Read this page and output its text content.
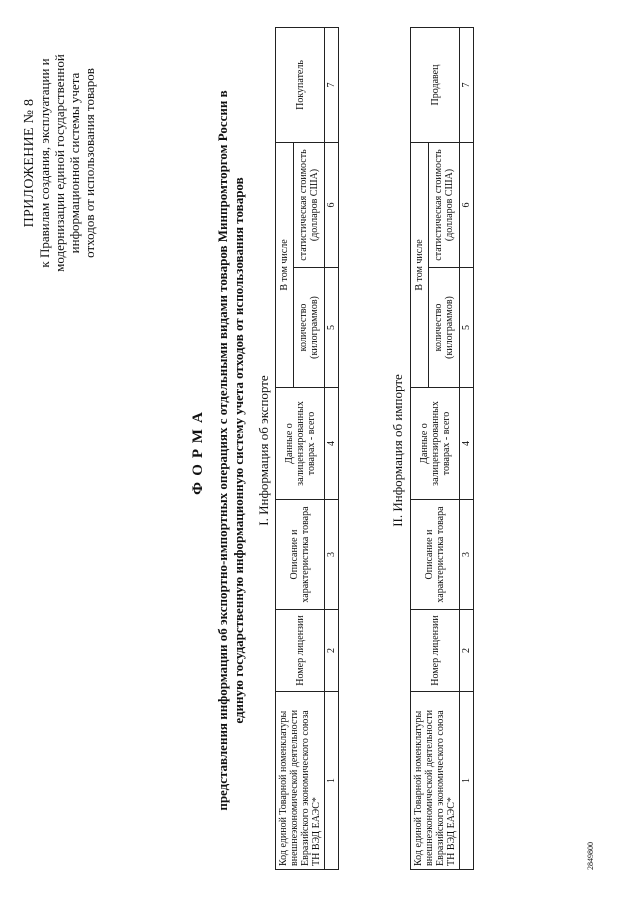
ПРИЛОЖЕНИЕ № 8 к Правилам создания, эксплуатации и модернизации единой государственной информационной системы учета отходов от использования товаров
ФОРМА представления информации об экспортно-импортных операциях с отдельными видами товаров Минпромторгом России в единую государственную информационную систему учета отходов от использования товаров I. Информация об экспорте
Код единой Товарной номенклатуры внешнеэкономической деятельности Евразийского экономического союза ТН ВЭД ЕАЭС*	Номер лицензии	Описание и характеристика товара	Данные о залицензированных товарах - всего	В том числе		Покупатель
				количество (килограммов)	статистическая стоимость (долларов США)	
1	2	3	4	5	6	7
II. Информация об импорте
Код единой Товарной номенклатуры внешнеэкономической деятельности Евразийского экономического союза ТН ВЭД ЕАЭС*	Номер лицензии	Описание и характеристика товара	Данные о залицензированных товарах - всего	В том числе		Продавец
				количество (килограммов)	статистическая стоимость (долларов США)	
1	2	3	4	5	6	7
2849800
